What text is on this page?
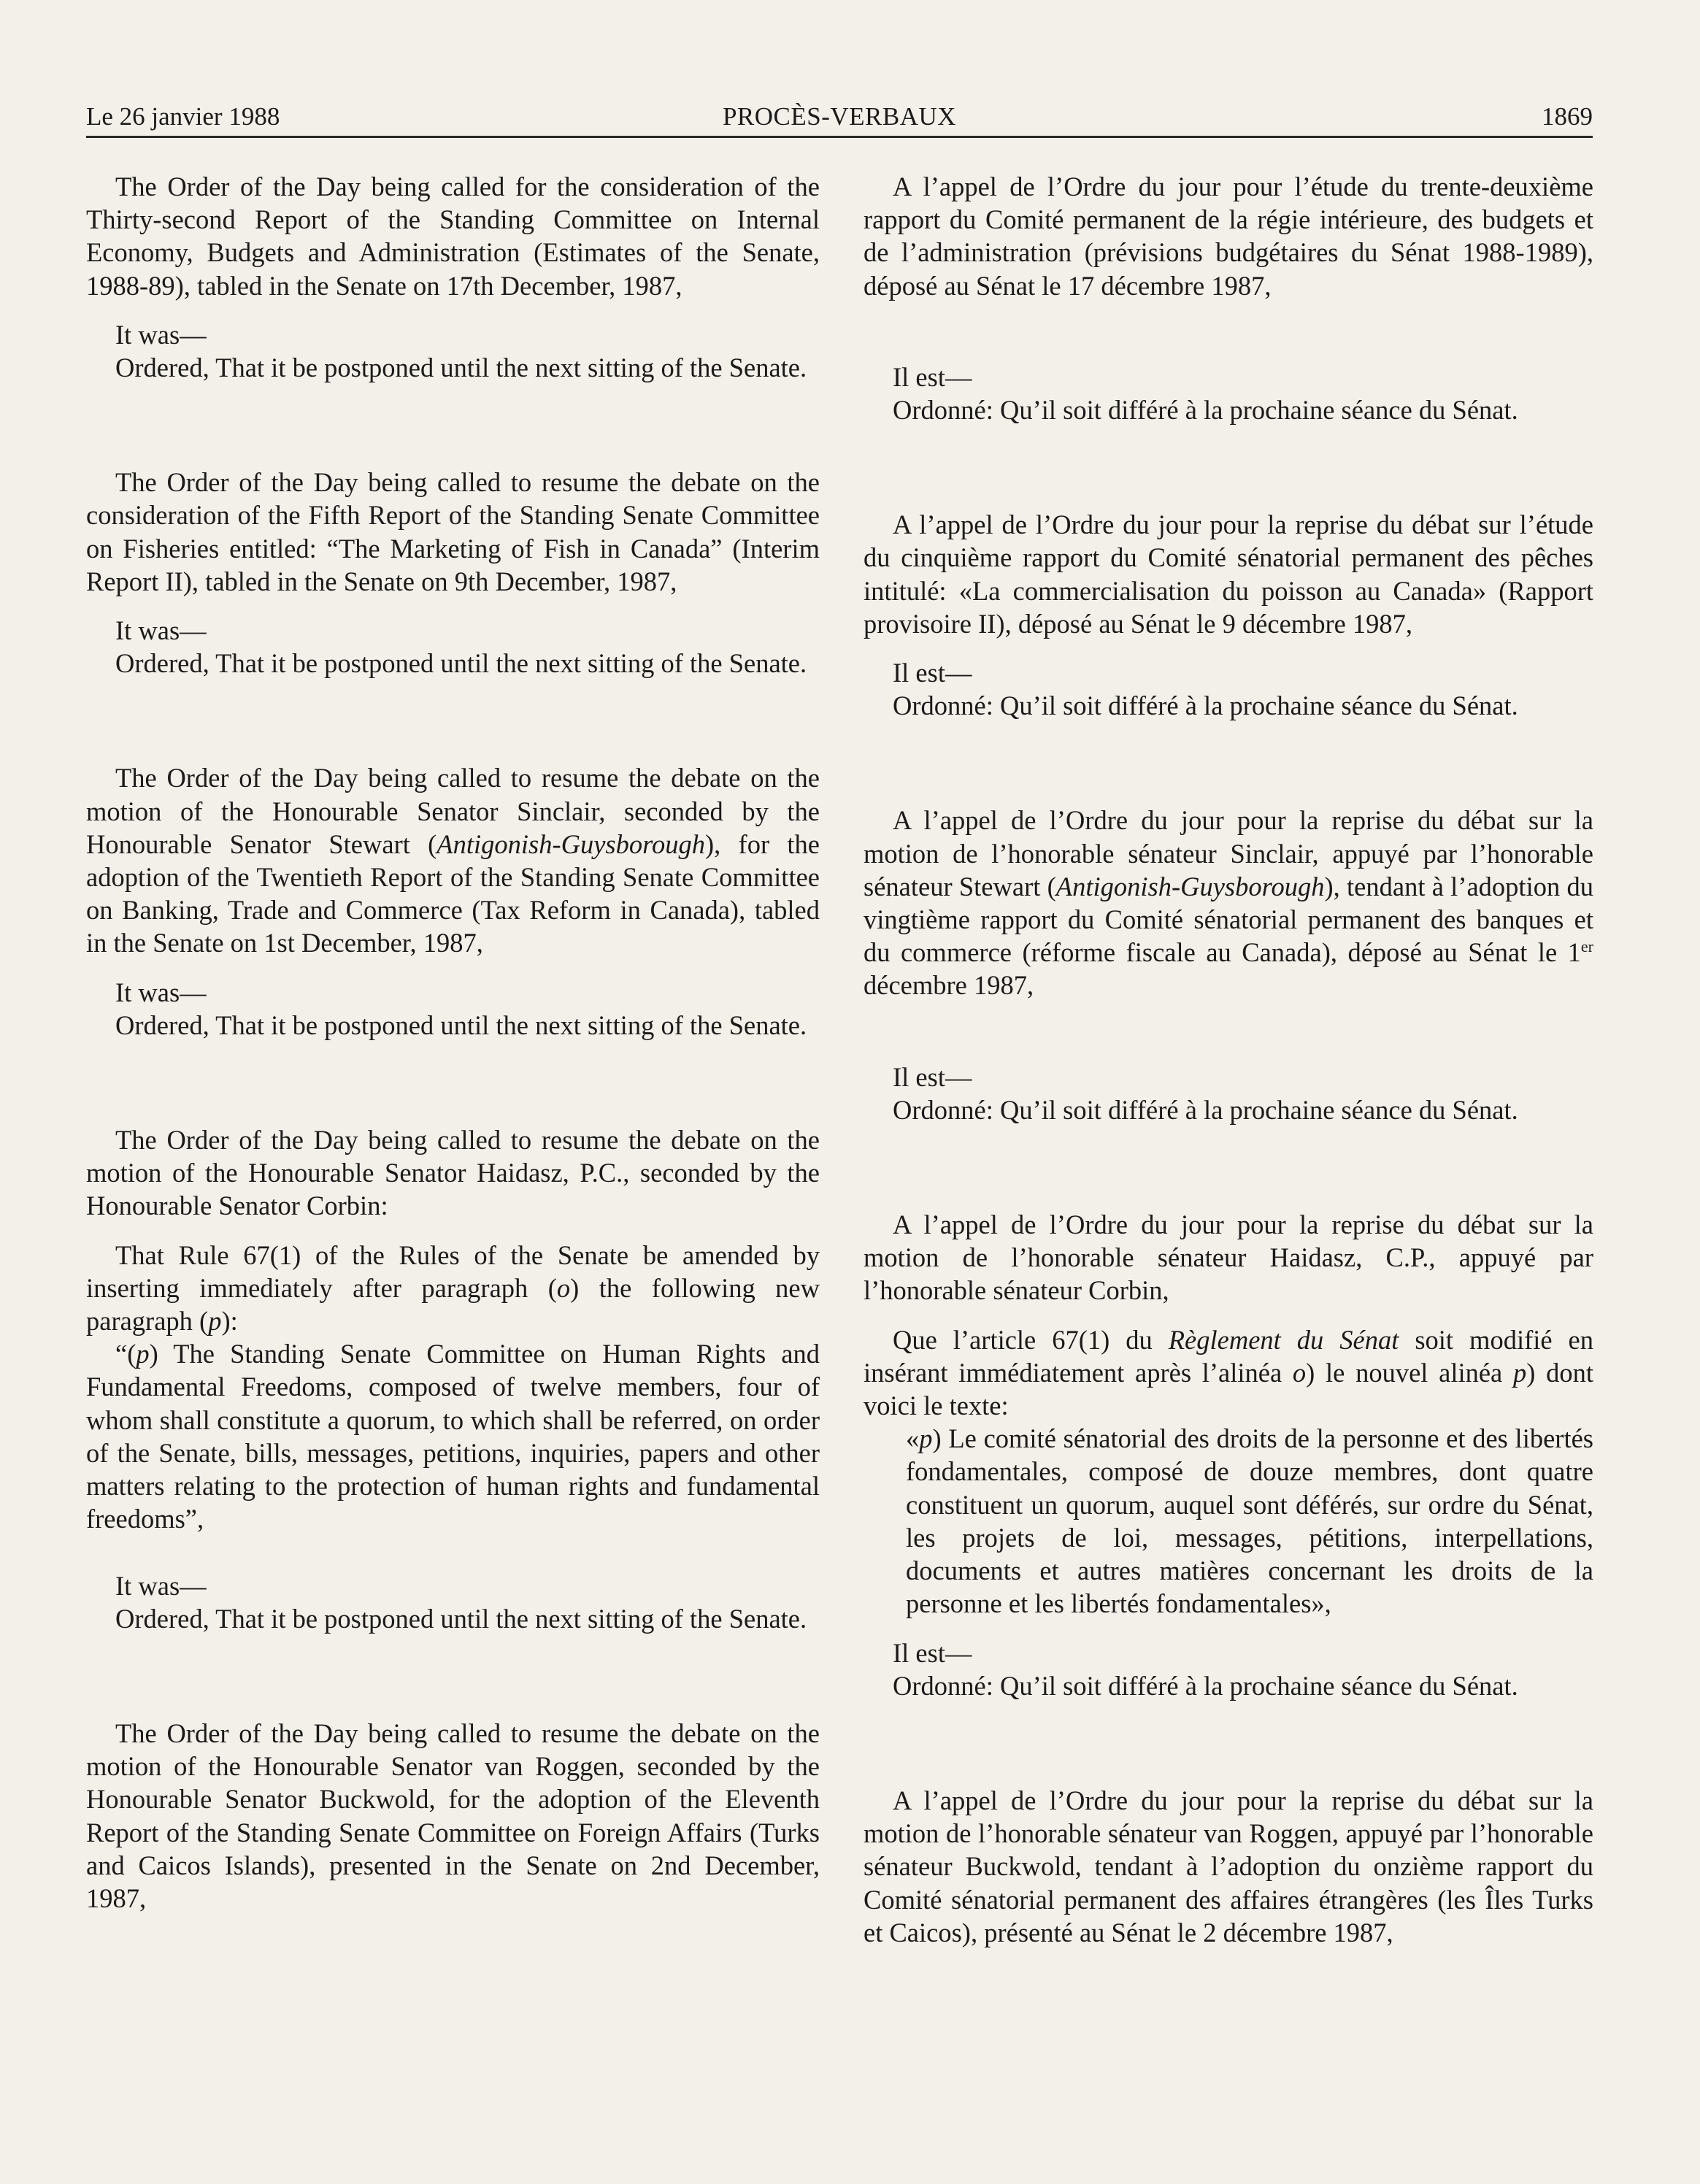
Le 26 janvier 1988	PROCÈS-VERBAUX	1869

The Order of the Day being called for the consideration of the Thirty-second Report of the Standing Committee on Internal Economy, Budgets and Administration (Estimates of the Senate, 1988-89), tabled in the Senate on 17th December, 1987,

It was—

Ordered, That it be postponed until the next sitting of the Senate.

The Order of the Day being called to resume the debate on the consideration of the Fifth Report of the Standing Senate Committee on Fisheries entitled: “The Marketing of Fish in Canada” (Interim Report II), tabled in the Senate on 9th December, 1987,

It was—

Ordered, That it be postponed until the next sitting of the Senate.

The Order of the Day being called to resume the debate on the motion of the Honourable Senator Sinclair, seconded by the Honourable Senator Stewart (Antigonish-Guysborough), for the adoption of the Twentieth Report of the Standing Senate Committee on Banking, Trade and Commerce (Tax Reform in Canada), tabled in the Senate on 1st December, 1987,

It was—

Ordered, That it be postponed until the next sitting of the Senate.

The Order of the Day being called to resume the debate on the motion of the Honourable Senator Haidasz, P.C., seconded by the Honourable Senator Corbin:

That Rule 67(1) of the Rules of the Senate be amended by inserting immediately after paragraph (o) the following new paragraph (p):

“(p) The Standing Senate Committee on Human Rights and Fundamental Freedoms, composed of twelve members, four of whom shall constitute a quorum, to which shall be referred, on order of the Senate, bills, messages, petitions, inquiries, papers and other matters relating to the protection of human rights and fundamental freedoms”,

It was—

Ordered, That it be postponed until the next sitting of the Senate.

The Order of the Day being called to resume the debate on the motion of the Honourable Senator van Roggen, seconded by the Honourable Senator Buckwold, for the adoption of the Eleventh Report of the Standing Senate Committee on Foreign Affairs (Turks and Caicos Islands), presented in the Senate on 2nd December, 1987,

A l’appel de l’Ordre du jour pour l’étude du trente-deuxième rapport du Comité permanent de la régie intérieure, des budgets et de l’administration (prévisions budgétaires du Sénat 1988-1989), déposé au Sénat le 17 décembre 1987,

Il est—

Ordonné: Qu’il soit différé à la prochaine séance du Sénat.

A l’appel de l’Ordre du jour pour la reprise du débat sur l’étude du cinquième rapport du Comité sénatorial permanent des pêches intitulé: «La commercialisation du poisson au Canada» (Rapport provisoire II), déposé au Sénat le 9 décembre 1987,

Il est—

Ordonné: Qu’il soit différé à la prochaine séance du Sénat.

A l’appel de l’Ordre du jour pour la reprise du débat sur la motion de l’honorable sénateur Sinclair, appuyé par l’honorable sénateur Stewart (Antigonish-Guysborough), tendant à l’adoption du vingtième rapport du Comité sénatorial permanent des banques et du commerce (réforme fiscale au Canada), déposé au Sénat le 1er décembre 1987,

Il est—

Ordonné: Qu’il soit différé à la prochaine séance du Sénat.

A l’appel de l’Ordre du jour pour la reprise du débat sur la motion de l’honorable sénateur Haidasz, C.P., appuyé par l’honorable sénateur Corbin,

Que l’article 67(1) du Règlement du Sénat soit modifié en insérant immédiatement après l’alinéa o) le nouvel alinéa p) dont voici le texte:

«p) Le comité sénatorial des droits de la personne et des libertés fondamentales, composé de douze membres, dont quatre constituent un quorum, auquel sont déférés, sur ordre du Sénat, les projets de loi, messages, pétitions, interpellations, documents et autres matières concernant les droits de la personne et les libertés fondamentales»,

Il est—

Ordonné: Qu’il soit différé à la prochaine séance du Sénat.

A l’appel de l’Ordre du jour pour la reprise du débat sur la motion de l’honorable sénateur van Roggen, appuyé par l’honorable sénateur Buckwold, tendant à l’adoption du onzième rapport du Comité sénatorial permanent des affaires étrangères (les Îles Turks et Caicos), présenté au Sénat le 2 décembre 1987,
